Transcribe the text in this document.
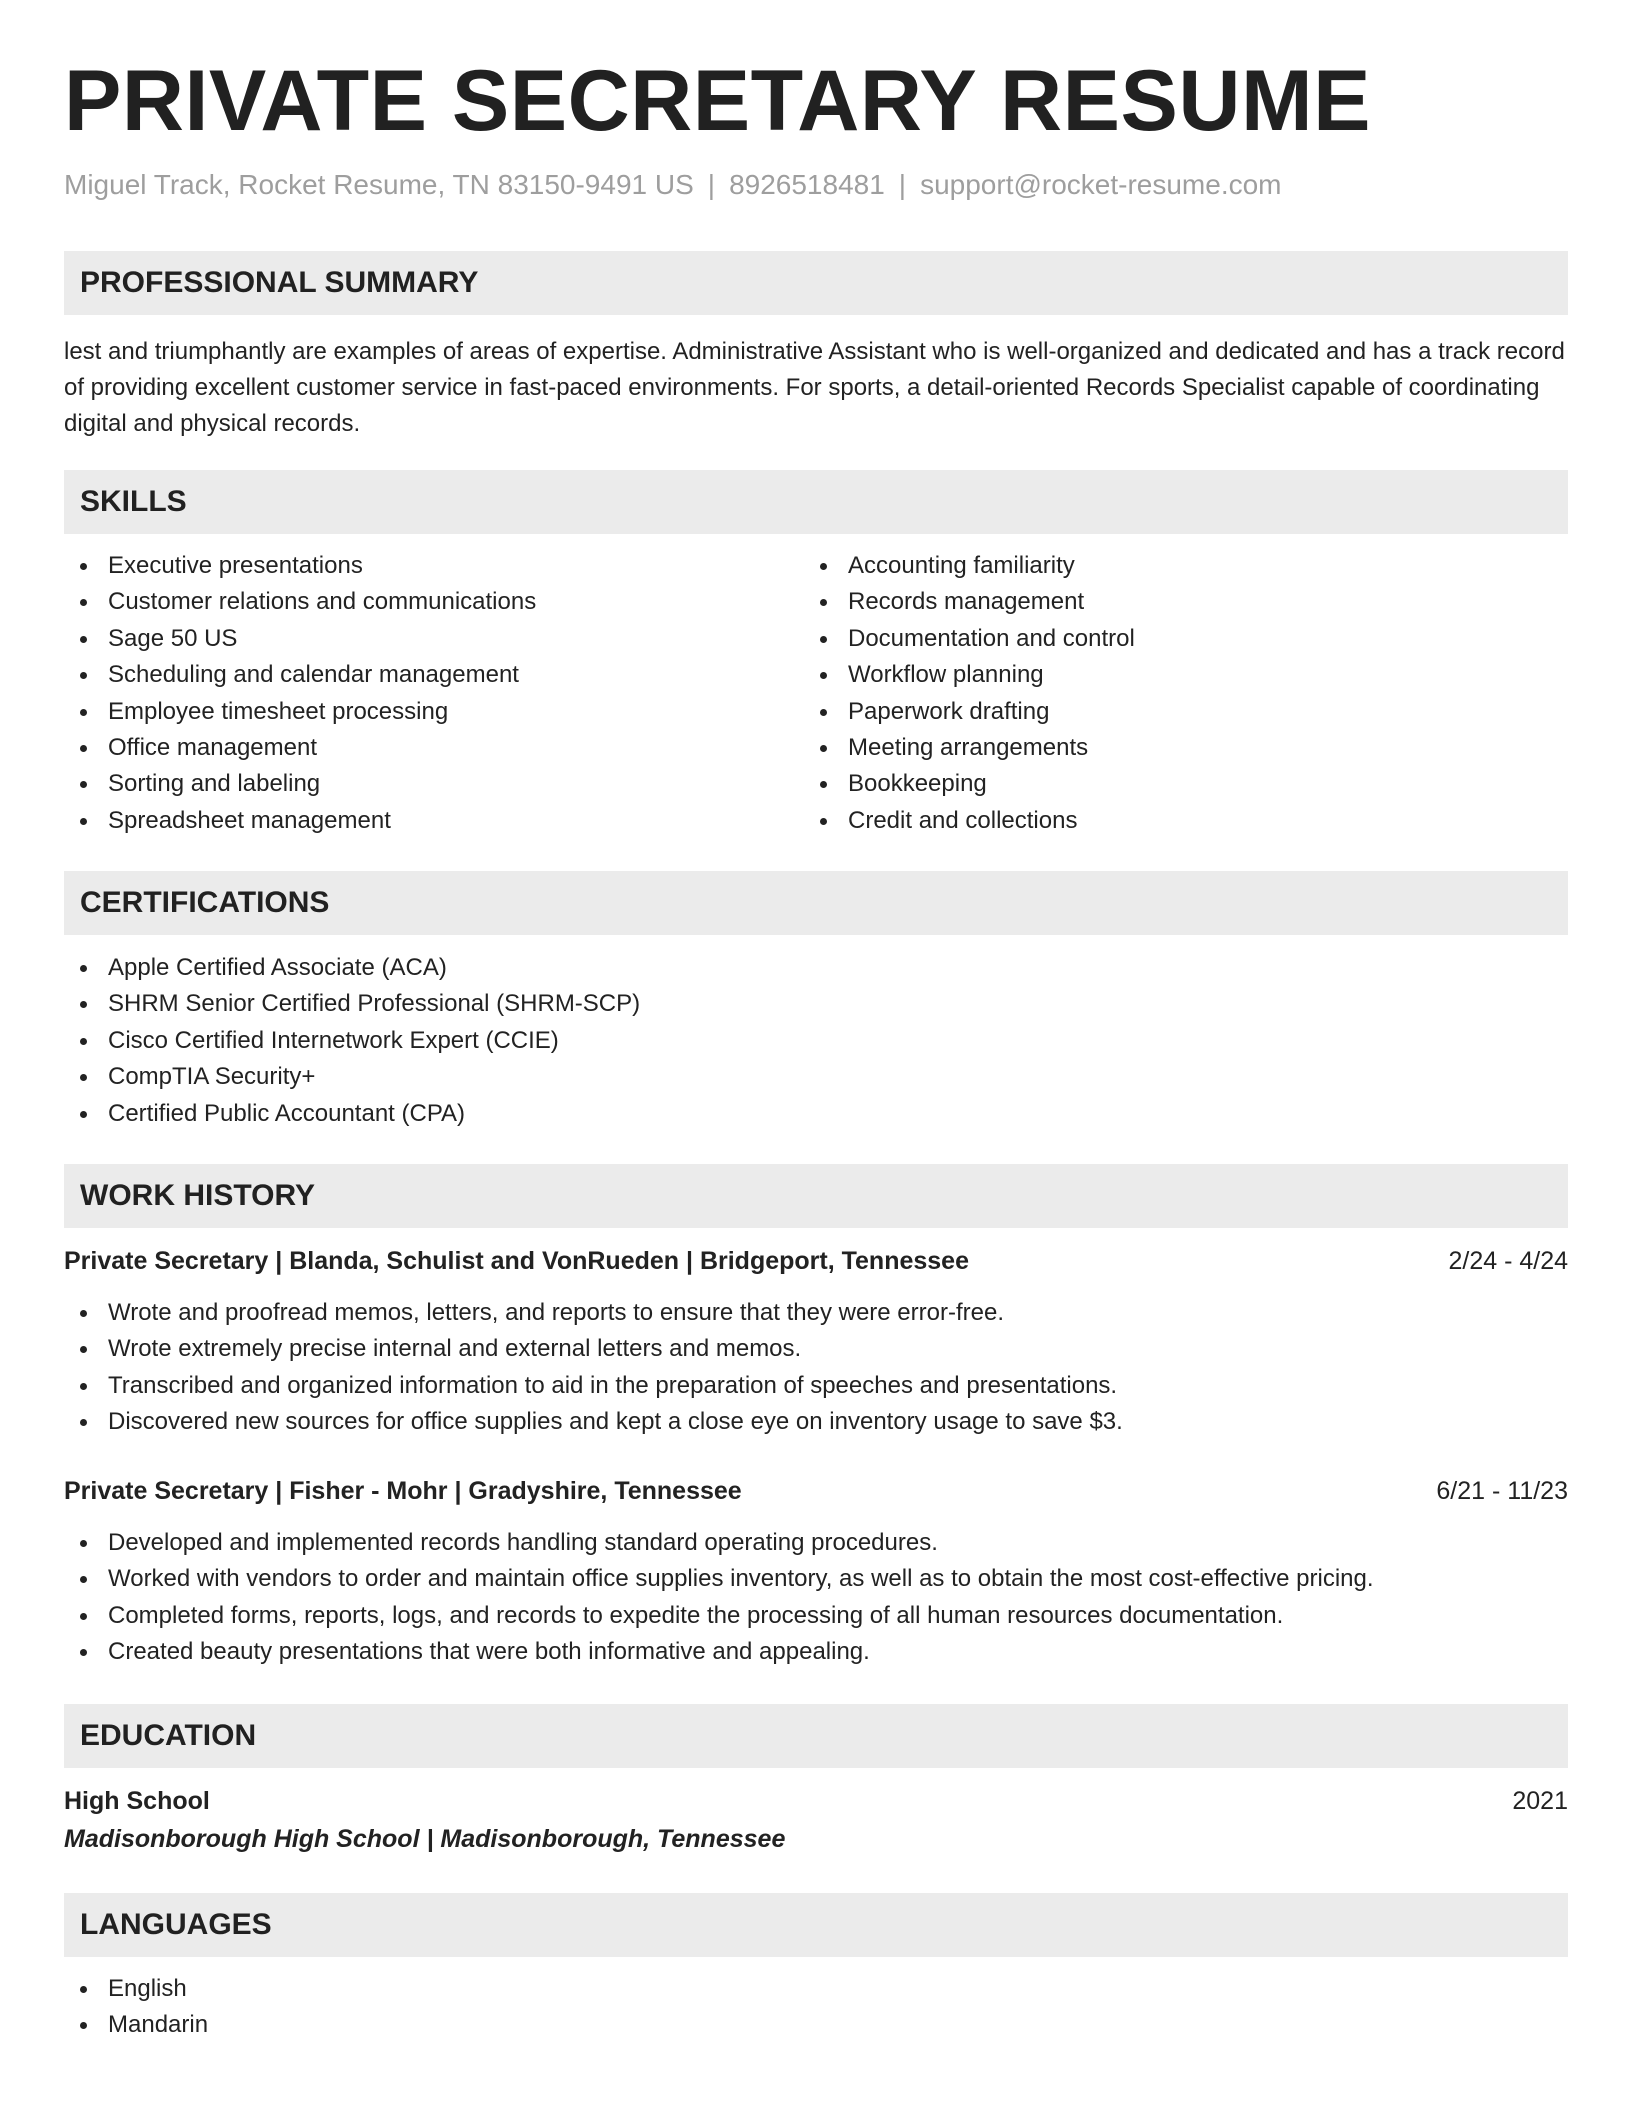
PRIVATE SECRETARY RESUME
Miguel Track, Rocket Resume, TN 83150-9491 US | 8926518481 | support@rocket-resume.com
PROFESSIONAL SUMMARY

lest and triumphantly are examples of areas of expertise. Administrative Assistant who is well-organized and dedicated and has a track record of providing excellent customer service in fast-paced environments. For sports, a detail-oriented Records Specialist capable of coordinating digital and physical records.

SKILLS
Executive presentations
Customer relations and communications
Sage 50 US
Scheduling and calendar management
Employee timesheet processing
Office management
Sorting and labeling
Spreadsheet management
Accounting familiarity
Records management
Documentation and control
Workflow planning
Paperwork drafting
Meeting arrangements
Bookkeeping
Credit and collections
CERTIFICATIONS
Apple Certified Associate (ACA)
SHRM Senior Certified Professional (SHRM-SCP)
Cisco Certified Internetwork Expert (CCIE)
CompTIA Security+
Certified Public Accountant (CPA)
WORK HISTORY
Private Secretary | Blanda, Schulist and VonRueden | Bridgeport, Tennessee	2/24 - 4/24
Wrote and proofread memos, letters, and reports to ensure that they were error-free.
Wrote extremely precise internal and external letters and memos.
Transcribed and organized information to aid in the preparation of speeches and presentations.
Discovered new sources for office supplies and kept a close eye on inventory usage to save $3.
Private Secretary | Fisher - Mohr | Gradyshire, Tennessee	6/21 - 11/23
Developed and implemented records handling standard operating procedures.
Worked with vendors to order and maintain office supplies inventory, as well as to obtain the most cost-effective pricing.
Completed forms, reports, logs, and records to expedite the processing of all human resources documentation.
Created beauty presentations that were both informative and appealing.
EDUCATION
High School	2021
Madisonborough High School | Madisonborough, Tennessee
LANGUAGES
English
Mandarin
